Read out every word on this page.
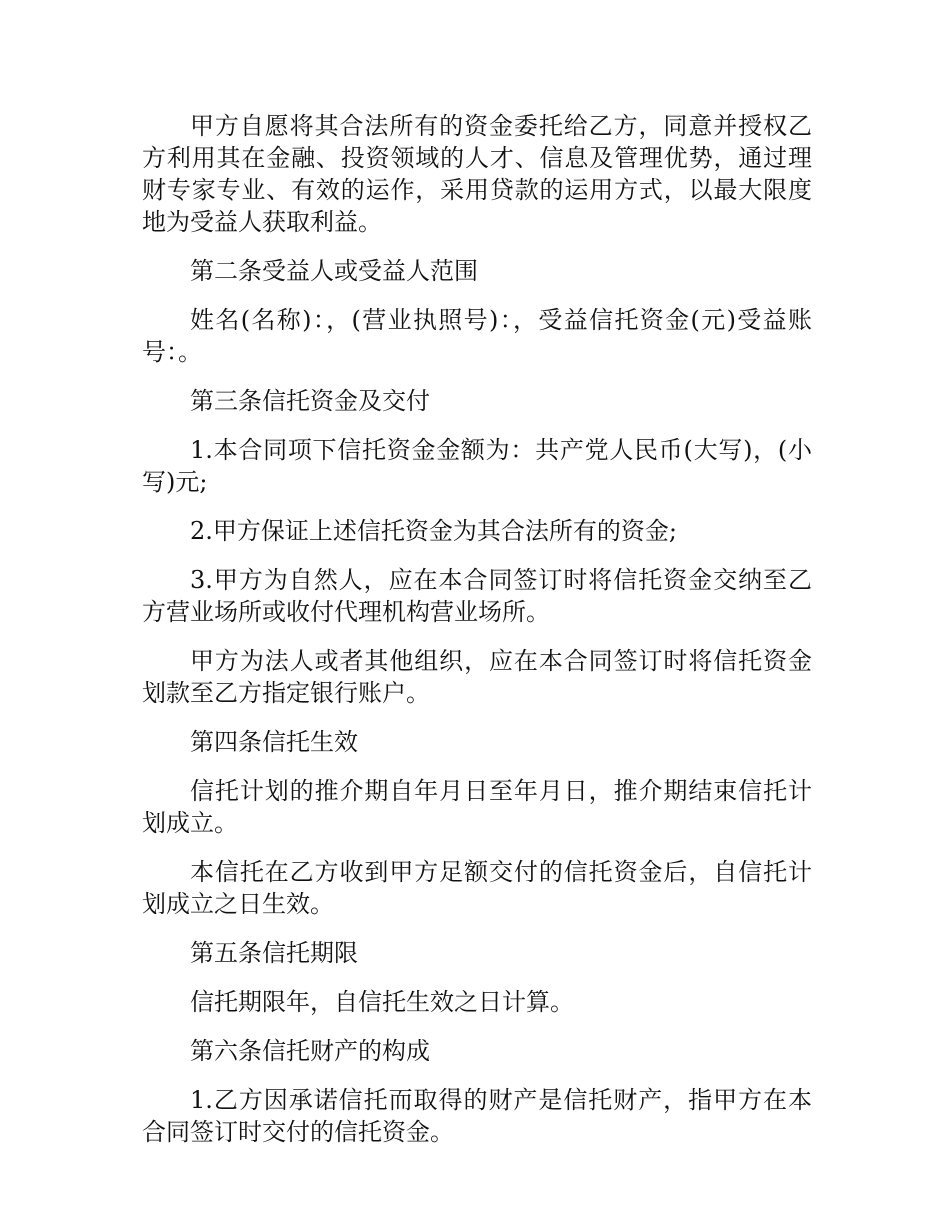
甲方自愿将其合法所有的资金委托给乙方，同意并授权乙方利用其在金融、投资领域的人才、信息及管理优势，通过理财专家专业、有效的运作，采用贷款的运用方式，以最大限度地为受益人获取利益。

第二条受益人或受益人范围

姓名(名称)：，(营业执照号)：，受益信托资金(元)受益账号：。

第三条信托资金及交付

1.本合同项下信托资金金额为：共产党人民币(大写)，(小写)元;

2.甲方保证上述信托资金为其合法所有的资金;

3.甲方为自然人，应在本合同签订时将信托资金交纳至乙方营业场所或收付代理机构营业场所。

甲方为法人或者其他组织，应在本合同签订时将信托资金划款至乙方指定银行账户。

第四条信托生效

信托计划的推介期自年月日至年月日，推介期结束信托计划成立。

本信托在乙方收到甲方足额交付的信托资金后，自信托计划成立之日生效。

第五条信托期限

信托期限年，自信托生效之日计算。

第六条信托财产的构成

1.乙方因承诺信托而取得的财产是信托财产，指甲方在本合同签订时交付的信托资金。
